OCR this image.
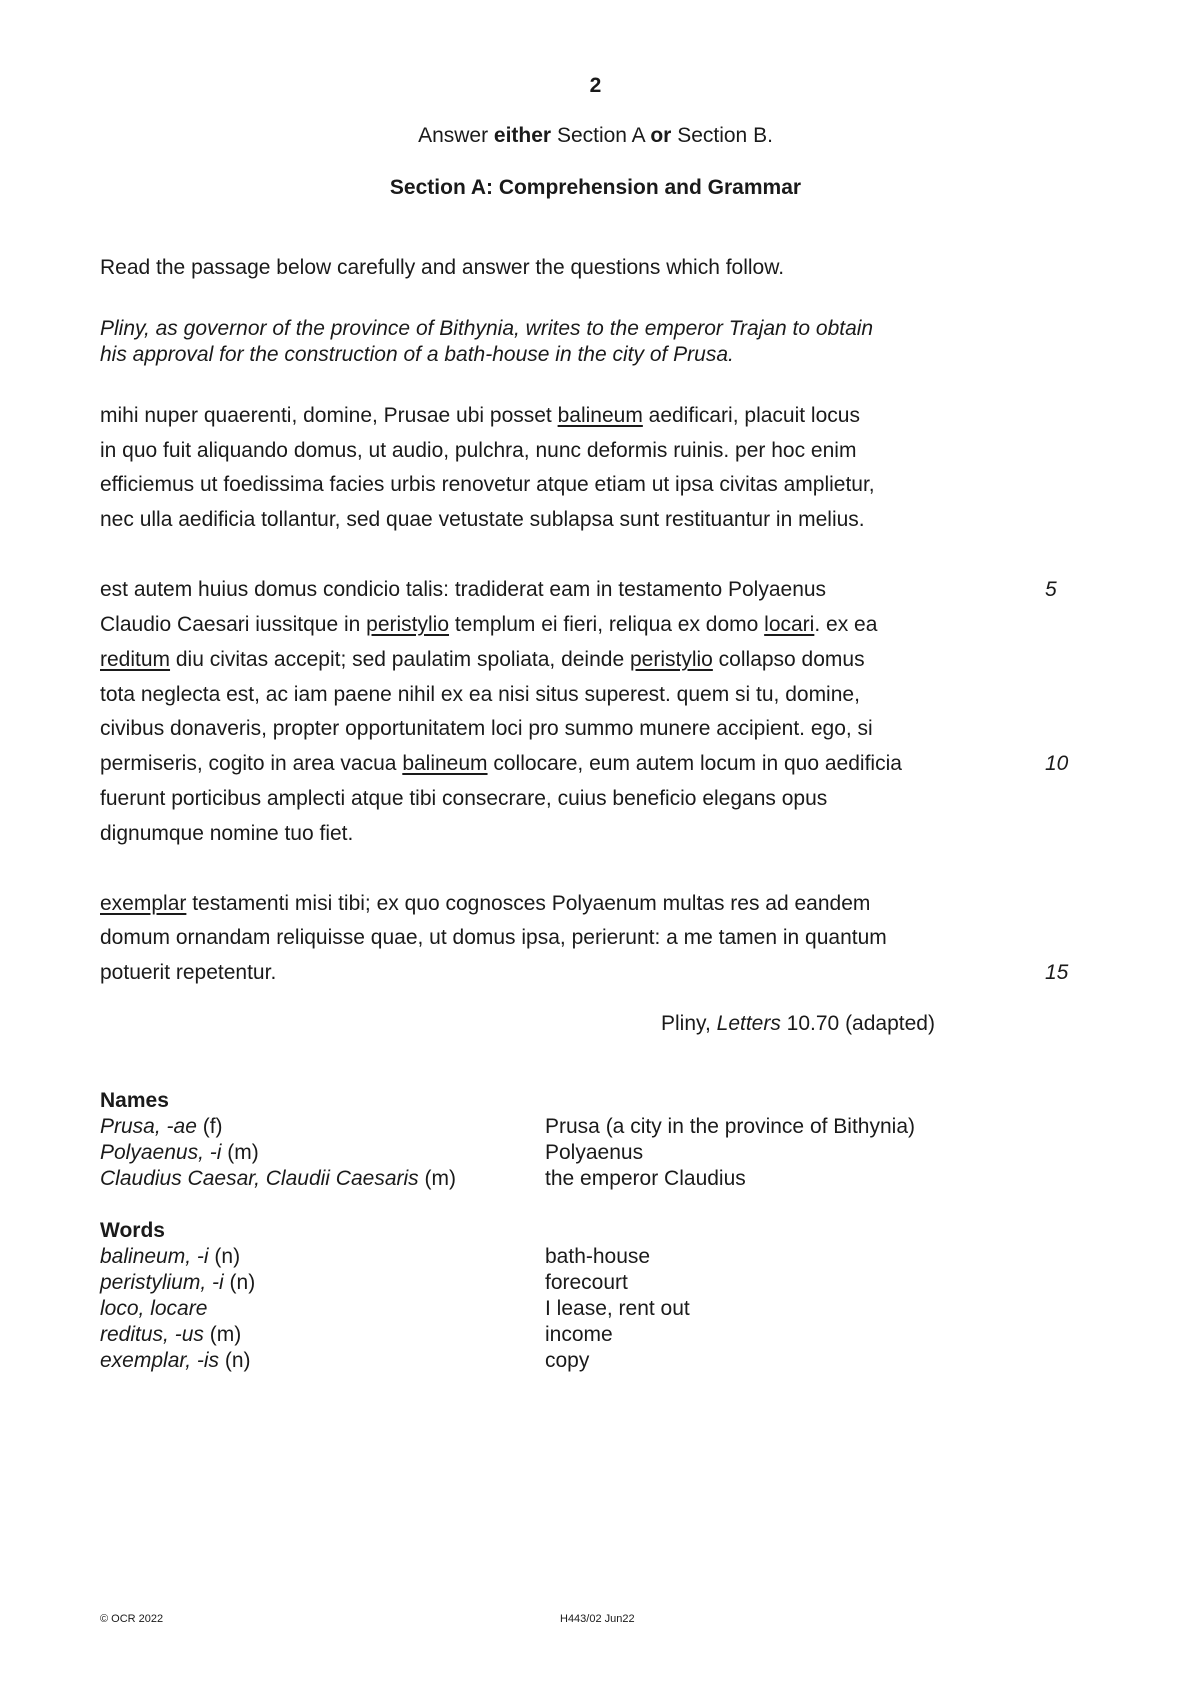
2
Answer either Section A or Section B.
Section A: Comprehension and Grammar
Read the passage below carefully and answer the questions which follow.
Pliny, as governor of the province of Bithynia, writes to the emperor Trajan to obtain
his approval for the construction of a bath-house in the city of Prusa.
mihi nuper quaerenti, domine, Prusae ubi posset balineum aedificari, placuit locus
in quo fuit aliquando domus, ut audio, pulchra, nunc deformis ruinis. per hoc enim
efficiemus ut foedissima facies urbis renovetur atque etiam ut ipsa civitas amplietur,
nec ulla aedificia tollantur, sed quae vetustate sublapsa sunt restituantur in melius.
est autem huius domus condicio talis: tradiderat eam in testamento Polyaenus	5
Claudio Caesari iussitque in peristylio templum ei fieri, reliqua ex domo locari. ex ea
reditum diu civitas accepit; sed paulatim spoliata, deinde peristylio collapso domus
tota neglecta est, ac iam paene nihil ex ea nisi situs superest. quem si tu, domine,
civibus donaveris, propter opportunitatem loci pro summo munere accipient. ego, si
permiseris, cogito in area vacua balineum collocare, eum autem locum in quo aedificia	10
fuerunt porticibus amplecti atque tibi consecrare, cuius beneficio elegans opus
dignumque nomine tuo fiet.
exemplar testamenti misi tibi; ex quo cognosces Polyaenum multas res ad eandem
domum ornandam reliquisse quae, ut domus ipsa, perierunt: a me tamen in quantum
potuerit repetentur.	15
Pliny, Letters 10.70 (adapted)
Names
Prusa, -ae (f)	Prusa (a city in the province of Bithynia)
Polyaenus, -i (m)	Polyaenus
Claudius Caesar, Claudii Caesaris (m)	the emperor Claudius
Words
balineum, -i (n)	bath-house
peristylium, -i (n)	forecourt
loco, locare	I lease, rent out
reditus, -us (m)	income
exemplar, -is (n)	copy
© OCR 2022	H443/02 Jun22
